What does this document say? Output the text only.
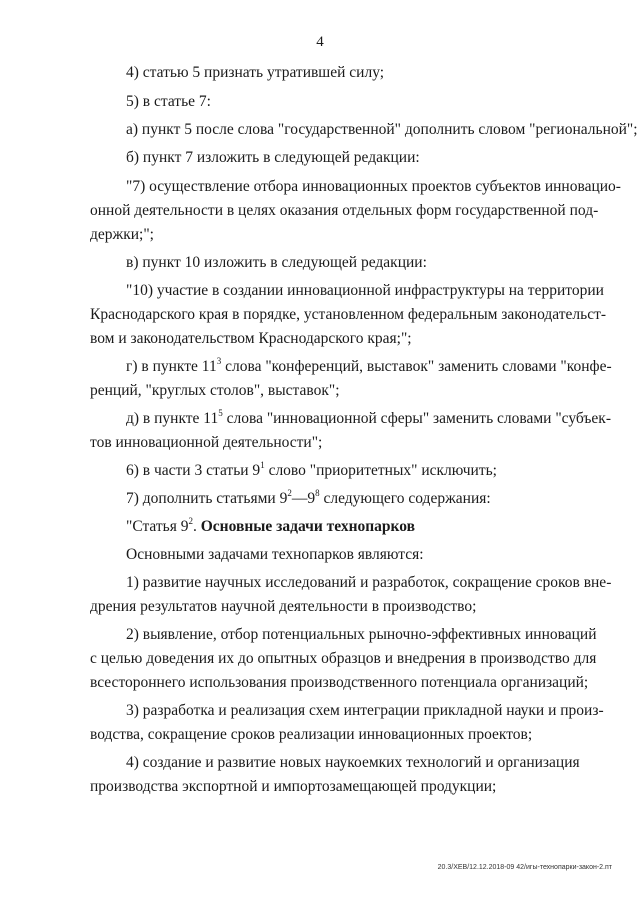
4
4) статью 5 признать утратившей силу;
5) в статье 7:
а) пункт 5 после слова "государственной" дополнить словом "региональной";
б) пункт 7 изложить в следующей редакции:
"7) осуществление отбора инновационных проектов субъектов инновацио-
онной деятельности в целях оказания отдельных форм государственной под-
держки;";
в) пункт 10 изложить в следующей редакции:
"10) участие в создании инновационной инфраструктуры на территории
Краснодарского края в порядке, установленном федеральным законодательст-
вом и законодательством Краснодарского края;";
г) в пункте $11^3$ слова "конференций, выставок" заменить словами "конфе-
ренций, "круглых столов", выставок";
д) в пункте $11^5$ слова "инновационной сферы" заменить словами "субъек-
тов инновационной деятельности";
6) в части 3 статьи $9^1$ слово "приоритетных" исключить;
7) дополнить статьями $9^2—9^8$ следующего содержания:
"Статья $9^2$. Основные задачи технопарков
Основными задачами технопарков являются:
1) развитие научных исследований и разработок, сокращение сроков вне-
дрения результатов научной деятельности в производство;
2) выявление, отбор потенциальных рыночно-эффективных инноваций
с целью доведения их до опытных образцов и внедрения в производство для
всестороннего использования производственного потенциала организаций;
3) разработка и реализация схем интеграции прикладной науки и произ-
водства, сокращение сроков реализации инновационных проектов;
4) создание и развитие новых наукоемких технологий и организация
производства экспортной и импортозамещающей продукции;
20.3/ХЕВ/12.12.2018-09 42/игы-технопарки-закон-2.пт
